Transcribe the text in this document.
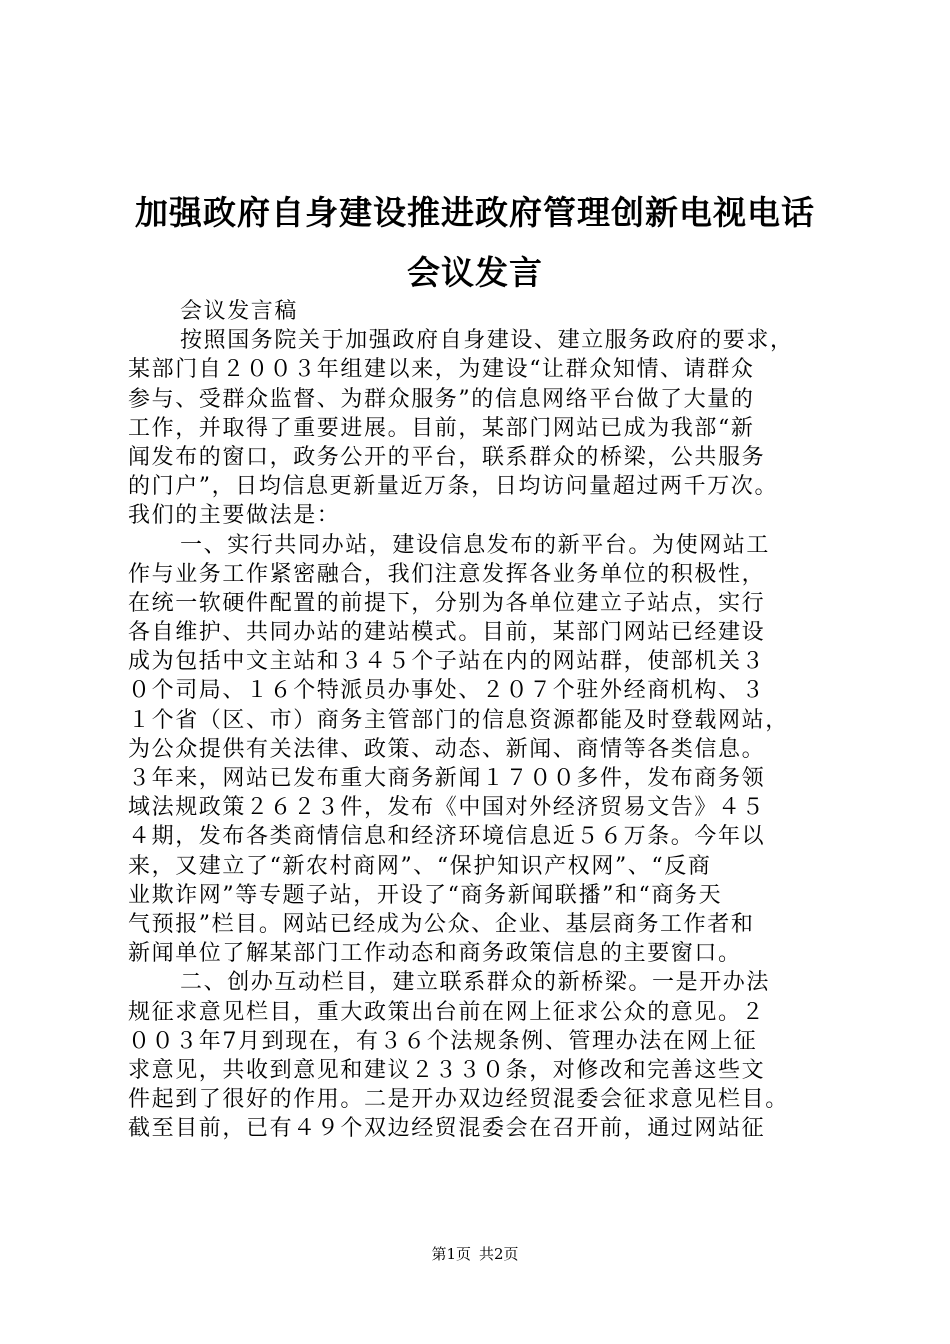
加强政府自身建设推进政府管理创新电视电话
会议发言
会议发言稿
按照国务院关于加强政府自身建设、建立服务政府的要求，
某部门自２００３年组建以来，为建设“让群众知情、请群众
参与、受群众监督、为群众服务”的信息网络平台做了大量的
工作，并取得了重要进展。目前，某部门网站已成为我部“新
闻发布的窗口，政务公开的平台，联系群众的桥梁，公共服务
的门户”，日均信息更新量近万条，日均访问量超过两千万次。
我们的主要做法是：
一、实行共同办站，建设信息发布的新平台。为使网站工
作与业务工作紧密融合，我们注意发挥各业务单位的积极性，
在统一软硬件配置的前提下，分别为各单位建立子站点，实行
各自维护、共同办站的建站模式。目前，某部门网站已经建设
成为包括中文主站和３４５个子站在内的网站群，使部机关３
０个司局、１６个特派员办事处、２０７个驻外经商机构、３
１个省（区、市）商务主管部门的信息资源都能及时登载网站，
为公众提供有关法律、政策、动态、新闻、商情等各类信息。
３年来，网站已发布重大商务新闻１７００多件，发布商务领
域法规政策２６２３件，发布《中国对外经济贸易文告》４５
４期，发布各类商情信息和经济环境信息近５６万条。今年以
来，又建立了“新农村商网”、“保护知识产权网”、“反商
业欺诈网”等专题子站，开设了“商务新闻联播”和“商务天
气预报”栏目。网站已经成为公众、企业、基层商务工作者和
新闻单位了解某部门工作动态和商务政策信息的主要窗口。
二、创办互动栏目，建立联系群众的新桥梁。一是开办法
规征求意见栏目，重大政策出台前在网上征求公众的意见。２
００３年7月到现在，有３６个法规条例、管理办法在网上征
求意见，共收到意见和建议２３３０条，对修改和完善这些文
件起到了很好的作用。二是开办双边经贸混委会征求意见栏目。
截至目前，已有４９个双边经贸混委会在召开前，通过网站征
第1页 共2页
